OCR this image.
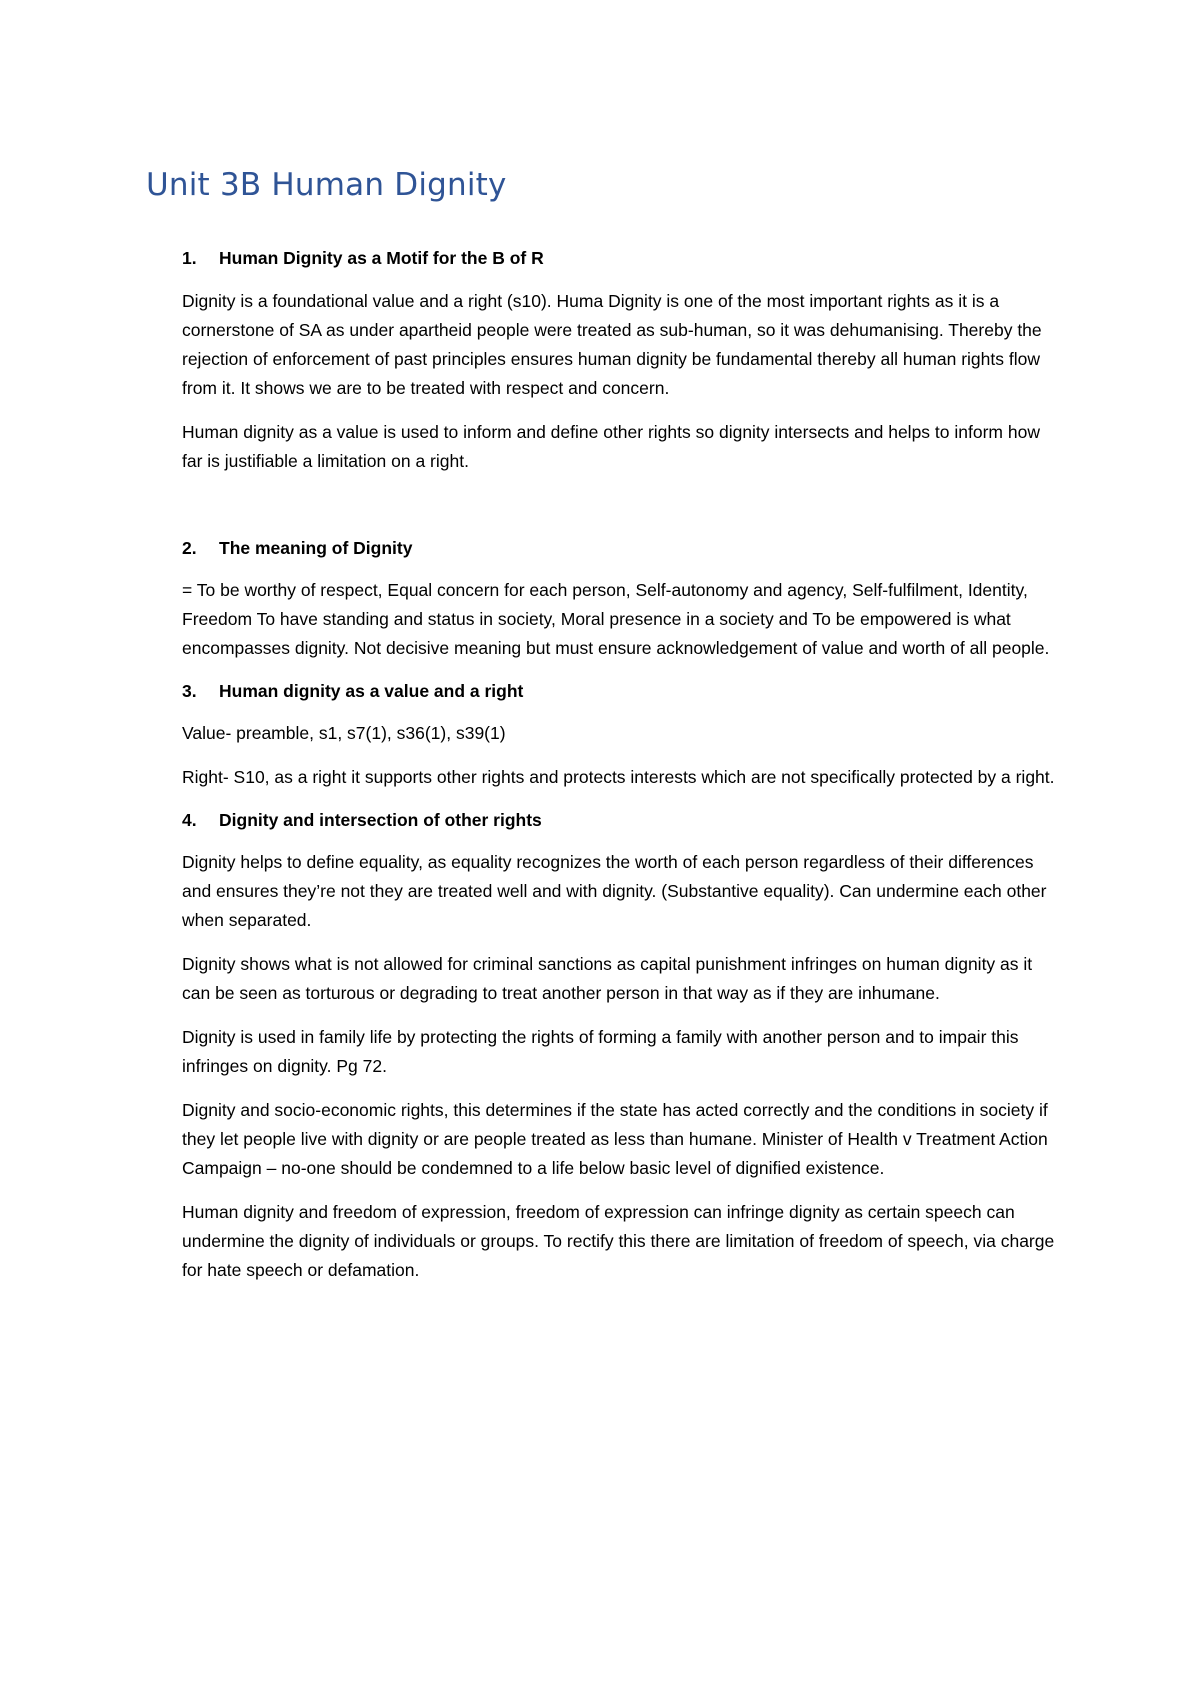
Unit 3B Human Dignity
1.	Human Dignity as a Motif for the B of R

Dignity is a foundational value and a right (s10). Huma Dignity is one of the most important rights as it is a cornerstone of SA as under apartheid people were treated as sub-human, so it was dehumanising. Thereby the rejection of enforcement of past principles ensures human dignity be fundamental thereby all human rights flow from it. It shows we are to be treated with respect and concern.

Human dignity as a value is used to inform and define other rights so dignity intersects and helps to inform how far is justifiable a limitation on a right.

2.	The meaning of Dignity

= To be worthy of respect, Equal concern for each person, Self-autonomy and agency, Self-fulfilment, Identity, Freedom To have standing and status in society, Moral presence in a society and To be empowered is what encompasses dignity. Not decisive meaning but must ensure acknowledgement of value and worth of all people.

3.	Human dignity as a value and a right

Value- preamble, s1, s7(1), s36(1), s39(1)

Right- S10, as a right it supports other rights and protects interests which are not specifically protected by a right.

4.	Dignity and intersection of other rights

Dignity helps to define equality, as equality recognizes the worth of each person regardless of their differences and ensures they’re not they are treated well and with dignity. (Substantive equality). Can undermine each other when separated.

Dignity shows what is not allowed for criminal sanctions as capital punishment infringes on human dignity as it can be seen as torturous or degrading to treat another person in that way as if they are inhumane.

Dignity is used in family life by protecting the rights of forming a family with another person and to impair this infringes on dignity. Pg 72.

Dignity and socio-economic rights, this determines if the state has acted correctly and the conditions in society if they let people live with dignity or are people treated as less than humane. Minister of Health v Treatment Action Campaign – no-one should be condemned to a life below basic level of dignified existence.

Human dignity and freedom of expression, freedom of expression can infringe dignity as certain speech can undermine the dignity of individuals or groups. To rectify this there are limitation of freedom of speech, via charge for hate speech or defamation.
